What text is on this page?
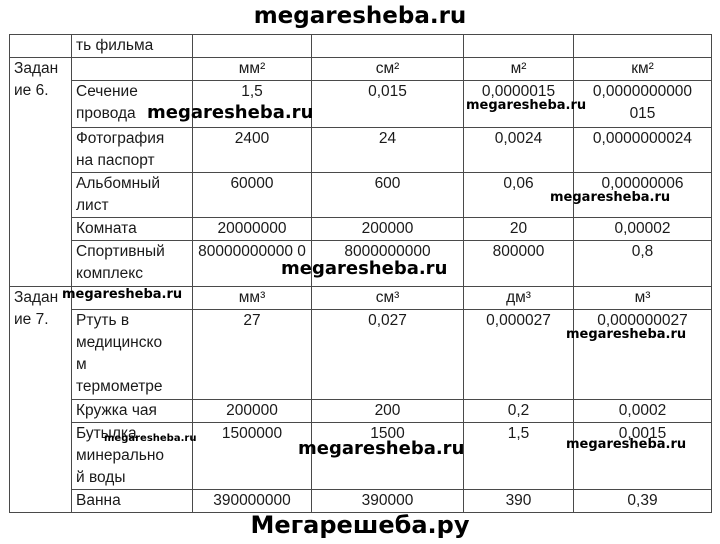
megaresheba.ru
	ть фильма				

Задан
ие 6.		мм²	см²	м²	км²

	Сечение
провода	1,5	0,015	0,0000015	0,0000000000 015

	Фотография
на паспорт	2400	24	0,0024	0,0000000024

	Альбомный
лист	60000	600	0,06	0,00000006

	Комната	20000000	200000	20	0,00002

	Спортивный
комплекс	80000000000 0	8000000000	800000	0,8

Задан
ие 7.		мм³	см³	дм³	м³

	Ртуть в
медицинско
м
термометре	27	0,027	0,000027	0,000000027

	Кружка чая	200000	200	0,2	0,0002

	Бутылка
минерально
й воды	1500000	1500	1,5	0,0015

	Ванна	390000000	390000	390	0,39
megaresheba.ru	megaresheba.ru
megaresheba.ru
megaresheba.ru
megaresheba.ru
megaresheba.ru
megaresheba.ru	megaresheba.ru	megaresheba.ru
Мегарешеба.ру
